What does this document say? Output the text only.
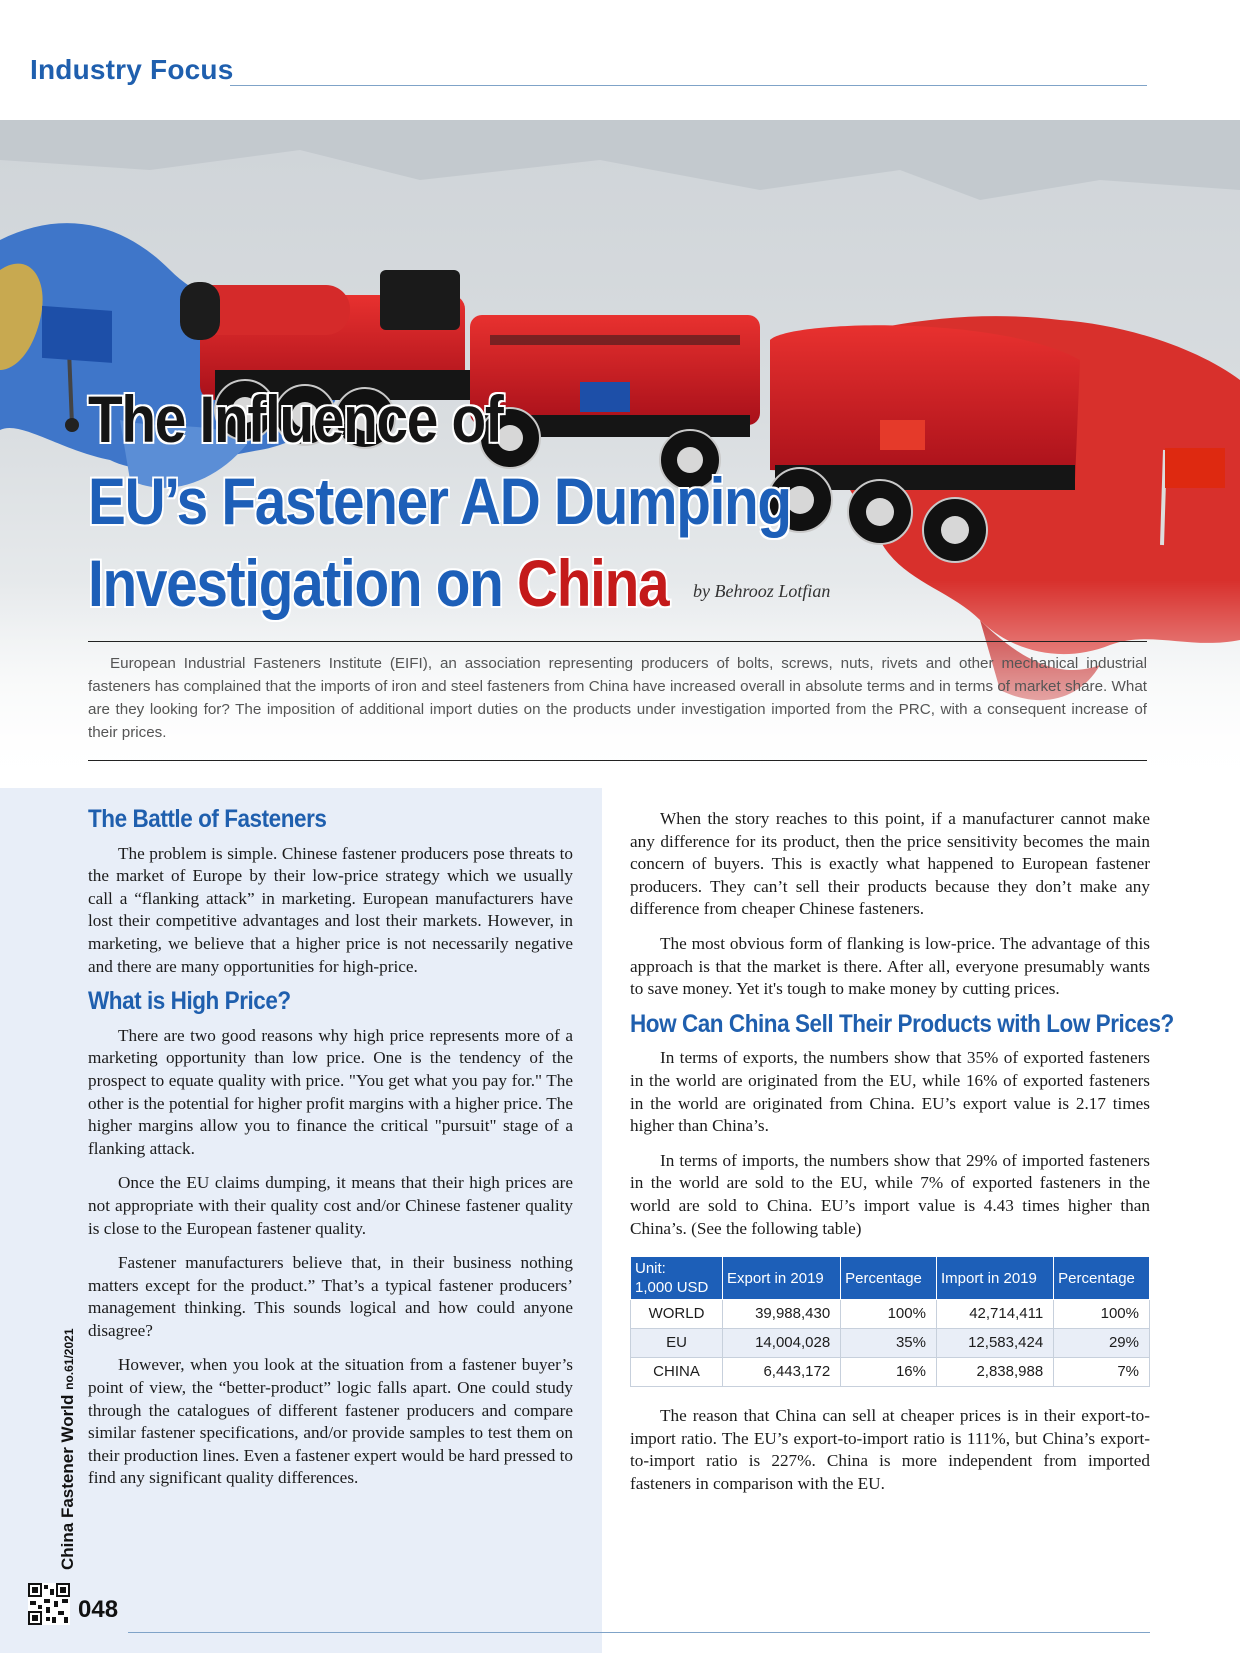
Industry Focus
The Influence of
EU’s Fastener AD Dumping
Investigation on China	by Behrooz Lotfian
European Industrial Fasteners Institute (EIFI), an association representing producers of bolts, screws, nuts, rivets and other mechanical industrial fasteners has complained that the imports of iron and steel fasteners from China have increased overall in absolute terms and in terms of market share. What are they looking for? The imposition of additional import duties on the products under investigation imported from the PRC, with a consequent increase of their prices.
The Battle of Fasteners

The problem is simple. Chinese fastener producers pose threats to the market of Europe by their low-price strategy which we usually call a “flanking attack” in marketing. European manufacturers have lost their competitive advantages and lost their markets. However, in marketing, we believe that a higher price is not necessarily negative and there are many opportunities for high-price.

What is High Price?

There are two good reasons why high price represents more of a marketing opportunity than low price. One is the tendency of the prospect to equate quality with price. "You get what you pay for." The other is the potential for higher profit margins with a higher price. The higher margins allow you to finance the critical "pursuit" stage of a flanking attack.

Once the EU claims dumping, it means that their high prices are not appropriate with their quality cost and/or Chinese fastener quality is close to the European fastener quality.

Fastener manufacturers believe that, in their business nothing matters except for the product.” That’s a typical fastener producers’ management thinking. This sounds logical and how could anyone disagree?

However, when you look at the situation from a fastener buyer’s point of view, the “better-product” logic falls apart. One could study through the catalogues of different fastener producers and compare similar fastener specifications, and/or provide samples to test them on their production lines. Even a fastener expert would be hard pressed to find any significant quality differences.

When the story reaches to this point, if a manufacturer cannot make any difference for its product, then the price sensitivity becomes the main concern of buyers. This is exactly what happened to European fastener producers. They can’t sell their products because they don’t make any difference from cheaper Chinese fasteners.

The most obvious form of flanking is low-price. The advantage of this approach is that the market is there. After all, everyone presumably wants to save money. Yet it's tough to make money by cutting prices.

How Can China Sell Their Products with Low Prices?

In terms of exports, the numbers show that 35% of exported fasteners in the world are originated from the EU, while 16% of exported fasteners in the world are originated from China. EU’s export value is 2.17 times higher than China’s.

In terms of imports, the numbers show that 29% of imported fasteners in the world are sold to the EU, while 7% of exported fasteners in the world are sold to China. EU’s import value is 4.43 times higher than China’s. (See the following table)

Unit:
1,000 USD	Export in 2019	Percentage	Import in 2019	Percentage
WORLD	39,988,430	100%	42,714,411	100%
EU	14,004,028	35%	12,583,424	29%
CHINA	6,443,172	16%	2,838,988	7%

The reason that China can sell at cheaper prices is in their export-to-import ratio. The EU’s export-to-import ratio is 111%, but China’s export-to-import ratio is 227%. China is more independent from imported fasteners in comparison with the EU.

China Fastener World no.61/2021
048
